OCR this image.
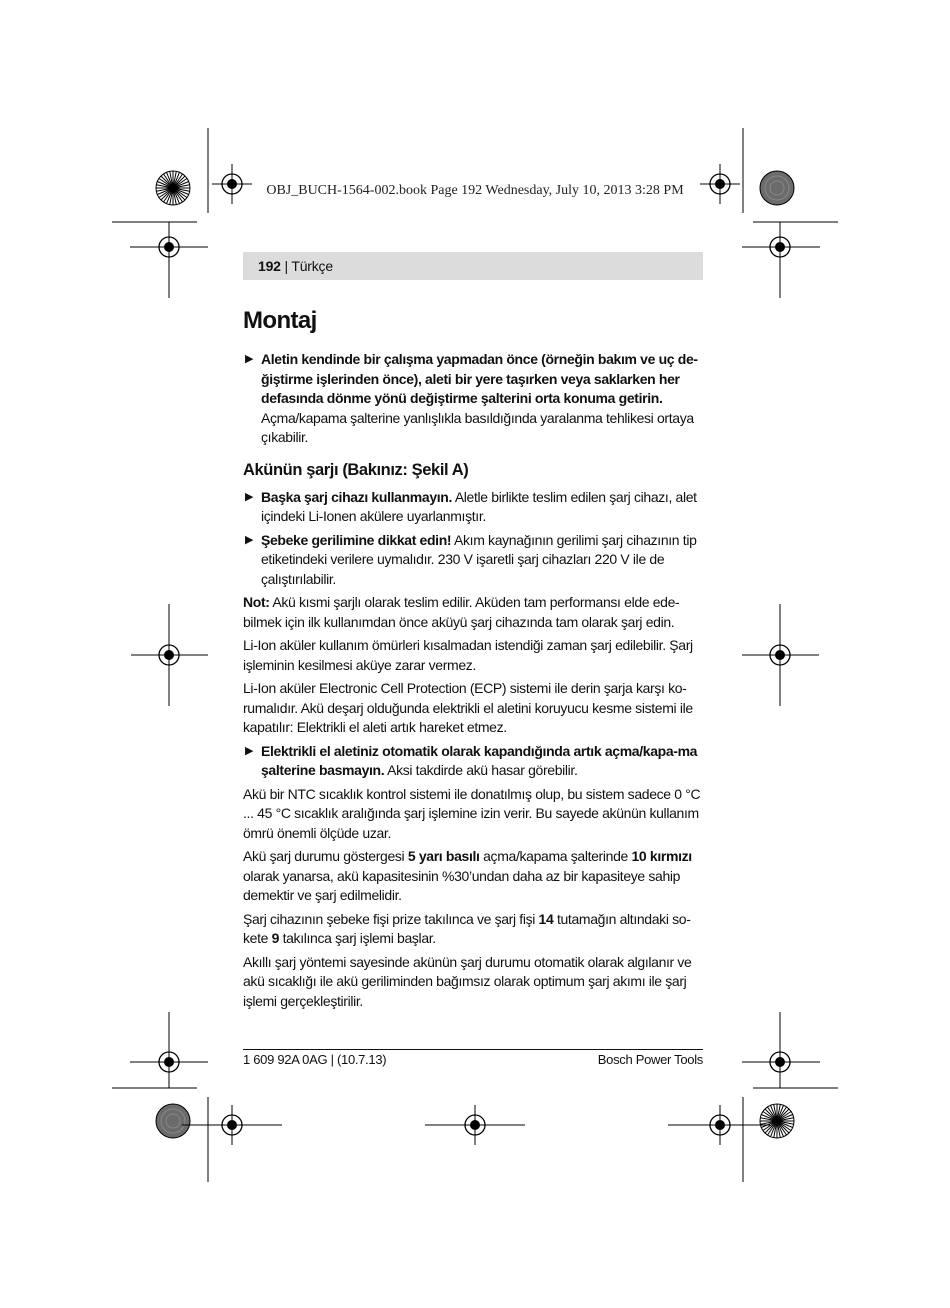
OBJ_BUCH-1564-002.book Page 192 Wednesday, July 10, 2013 3:28 PM
192 | Türkçe
Montaj
▶ Aletin kendinde bir çalışma yapmadan önce (örneğin bakım ve uç de-ğiştirme işlerinden önce), aleti bir yere taşırken veya saklarken her defasında dönme yönü değiştirme şalterini orta konuma getirin.
Açma/kapama şalterine yanlışlıkla basıldığında yaralanma tehlikesi ortaya çıkabilir.
Akünün şarjı (Bakınız: Şekil A)
▶ Başka şarj cihazı kullanmayın. Aletle birlikte teslim edilen şarj cihazı, alet içindeki Li-Ionen akülere uyarlanmıştır.
▶ Şebeke gerilimine dikkat edin! Akım kaynağının gerilimi şarj cihazının tip etiketindeki verilere uymalıdır. 230 V işaretli şarj cihazları 220 V ile de çalıştırılabilir.

Not: Akü kısmi şarjlı olarak teslim edilir. Aküden tam performansı elde ede-bilmek için ilk kullanımdan önce aküyü şarj cihazında tam olarak şarj edin.

Li-Ion aküler kullanım ömürleri kısalmadan istendiği zaman şarj edilebilir. Şarj işleminin kesilmesi aküye zarar vermez.

Li-Ion aküler Electronic Cell Protection (ECP) sistemi ile derin şarja karşı ko-rumalıdır. Akü deşarj olduğunda elektrikli el aletini koruyucu kesme sistemi ile kapatılır: Elektrikli el aleti artık hareket etmez.

▶ Elektrikli el aletiniz otomatik olarak kapandığında artık açma/kapa-ma şalterine basmayın. Aksi takdirde akü hasar görebilir.

Akü bir NTC sıcaklık kontrol sistemi ile donatılmış olup, bu sistem sadece 0 °C ... 45 °C sıcaklık aralığında şarj işlemine izin verir. Bu sayede akünün kullanım ömrü önemli ölçüde uzar.

Akü şarj durumu göstergesi 5 yarı basılı açma/kapama şalterinde 10 kırmızı olarak yanarsa, akü kapasitesinin %30’undan daha az bir kapasiteye sahip demektir ve şarj edilmelidir.

Şarj cihazının şebeke fişi prize takılınca ve şarj fişi 14 tutamağın altındaki so-kete 9 takılınca şarj işlemi başlar.

Akıllı şarj yöntemi sayesinde akünün şarj durumu otomatik olarak algılanır ve akü sıcaklığı ile akü geriliminden bağımsız olarak optimum şarj akımı ile şarj işlemi gerçekleştirilir.

1 609 92A 0AG | (10.7.13)	Bosch Power Tools
